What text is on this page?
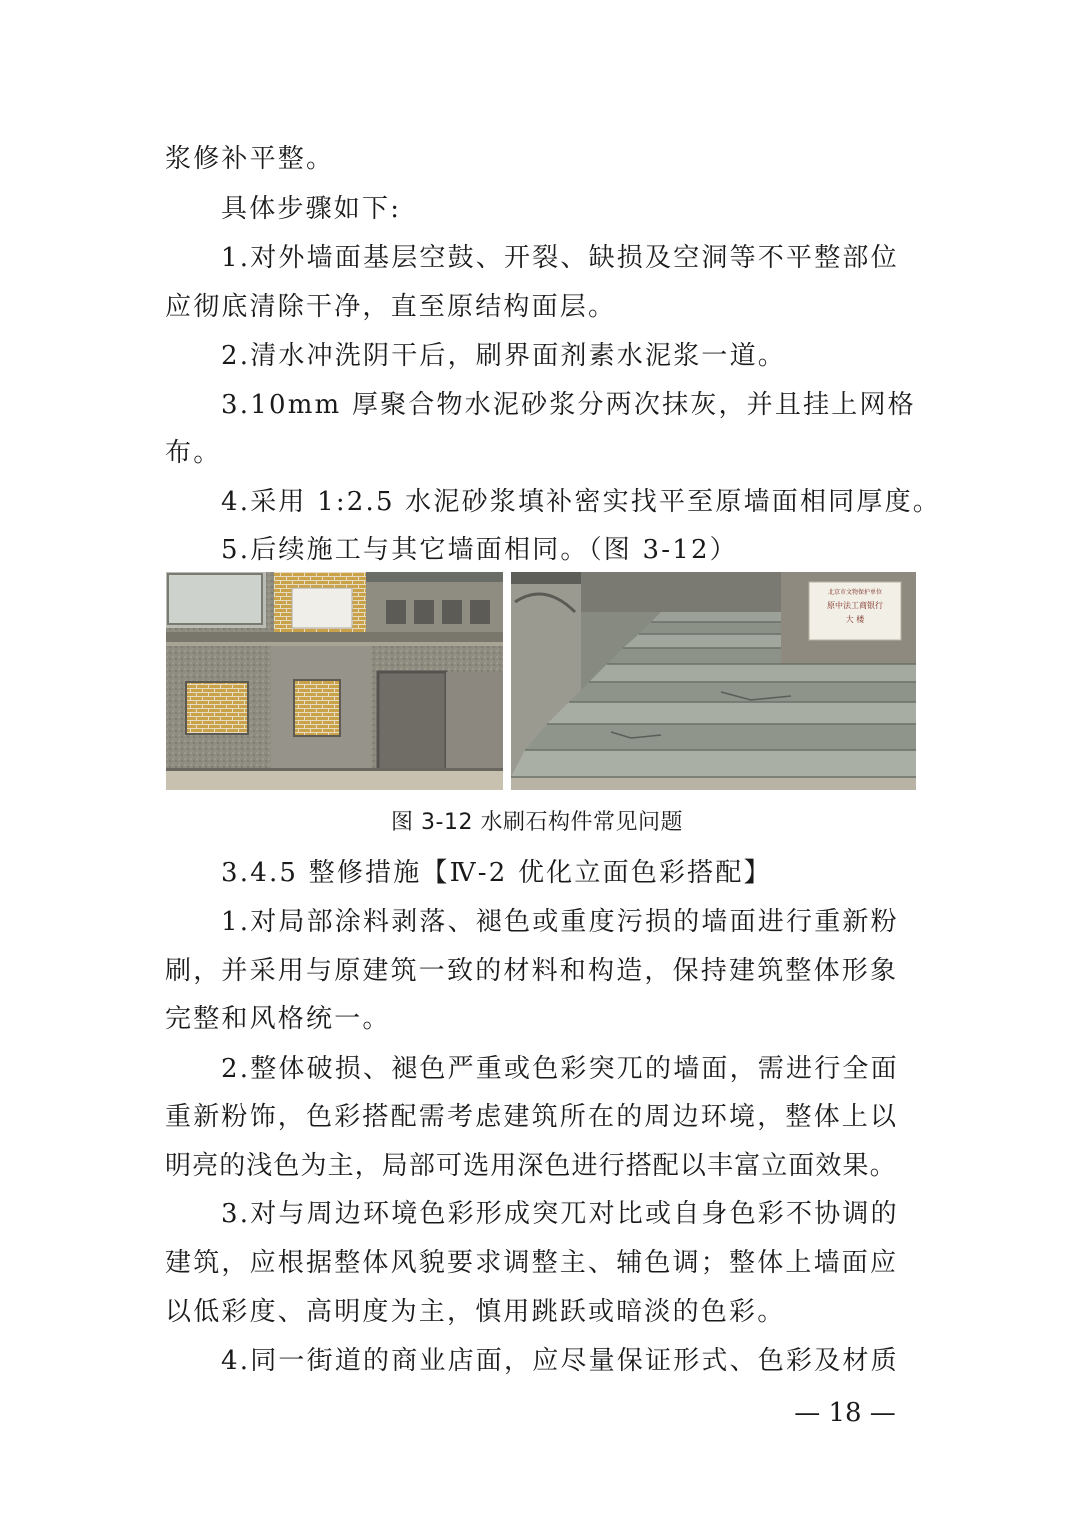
浆修补平整。
具体步骤如下:
1.对外墙面基层空鼓、开裂、缺损及空洞等不平整部位
应彻底清除干净，直至原结构面层。
2.清水冲洗阴干后，刷界面剂素水泥浆一道。
3.10mm 厚聚合物水泥砂浆分两次抹灰，并且挂上网格
布。
4.采用 1:2.5 水泥砂浆填补密实找平至原墙面相同厚度。
5.后续施工与其它墙面相同。（图 3-12）
北京市文物保护单位
原中法工商银行
大 楼
图 3-12 水刷石构件常见问题
3.4.5 整修措施【Ⅳ-2 优化立面色彩搭配】
1.对局部涂料剥落、褪色或重度污损的墙面进行重新粉
刷，并采用与原建筑一致的材料和构造，保持建筑整体形象
完整和风格统一。
2.整体破损、褪色严重或色彩突兀的墙面，需进行全面
重新粉饰，色彩搭配需考虑建筑所在的周边环境，整体上以
明亮的浅色为主，局部可选用深色进行搭配以丰富立面效果。
3.对与周边环境色彩形成突兀对比或自身色彩不协调的
建筑，应根据整体风貌要求调整主、辅色调；整体上墙面应
以低彩度、高明度为主，慎用跳跃或暗淡的色彩。
4.同一街道的商业店面，应尽量保证形式、色彩及材质
— 18 —
